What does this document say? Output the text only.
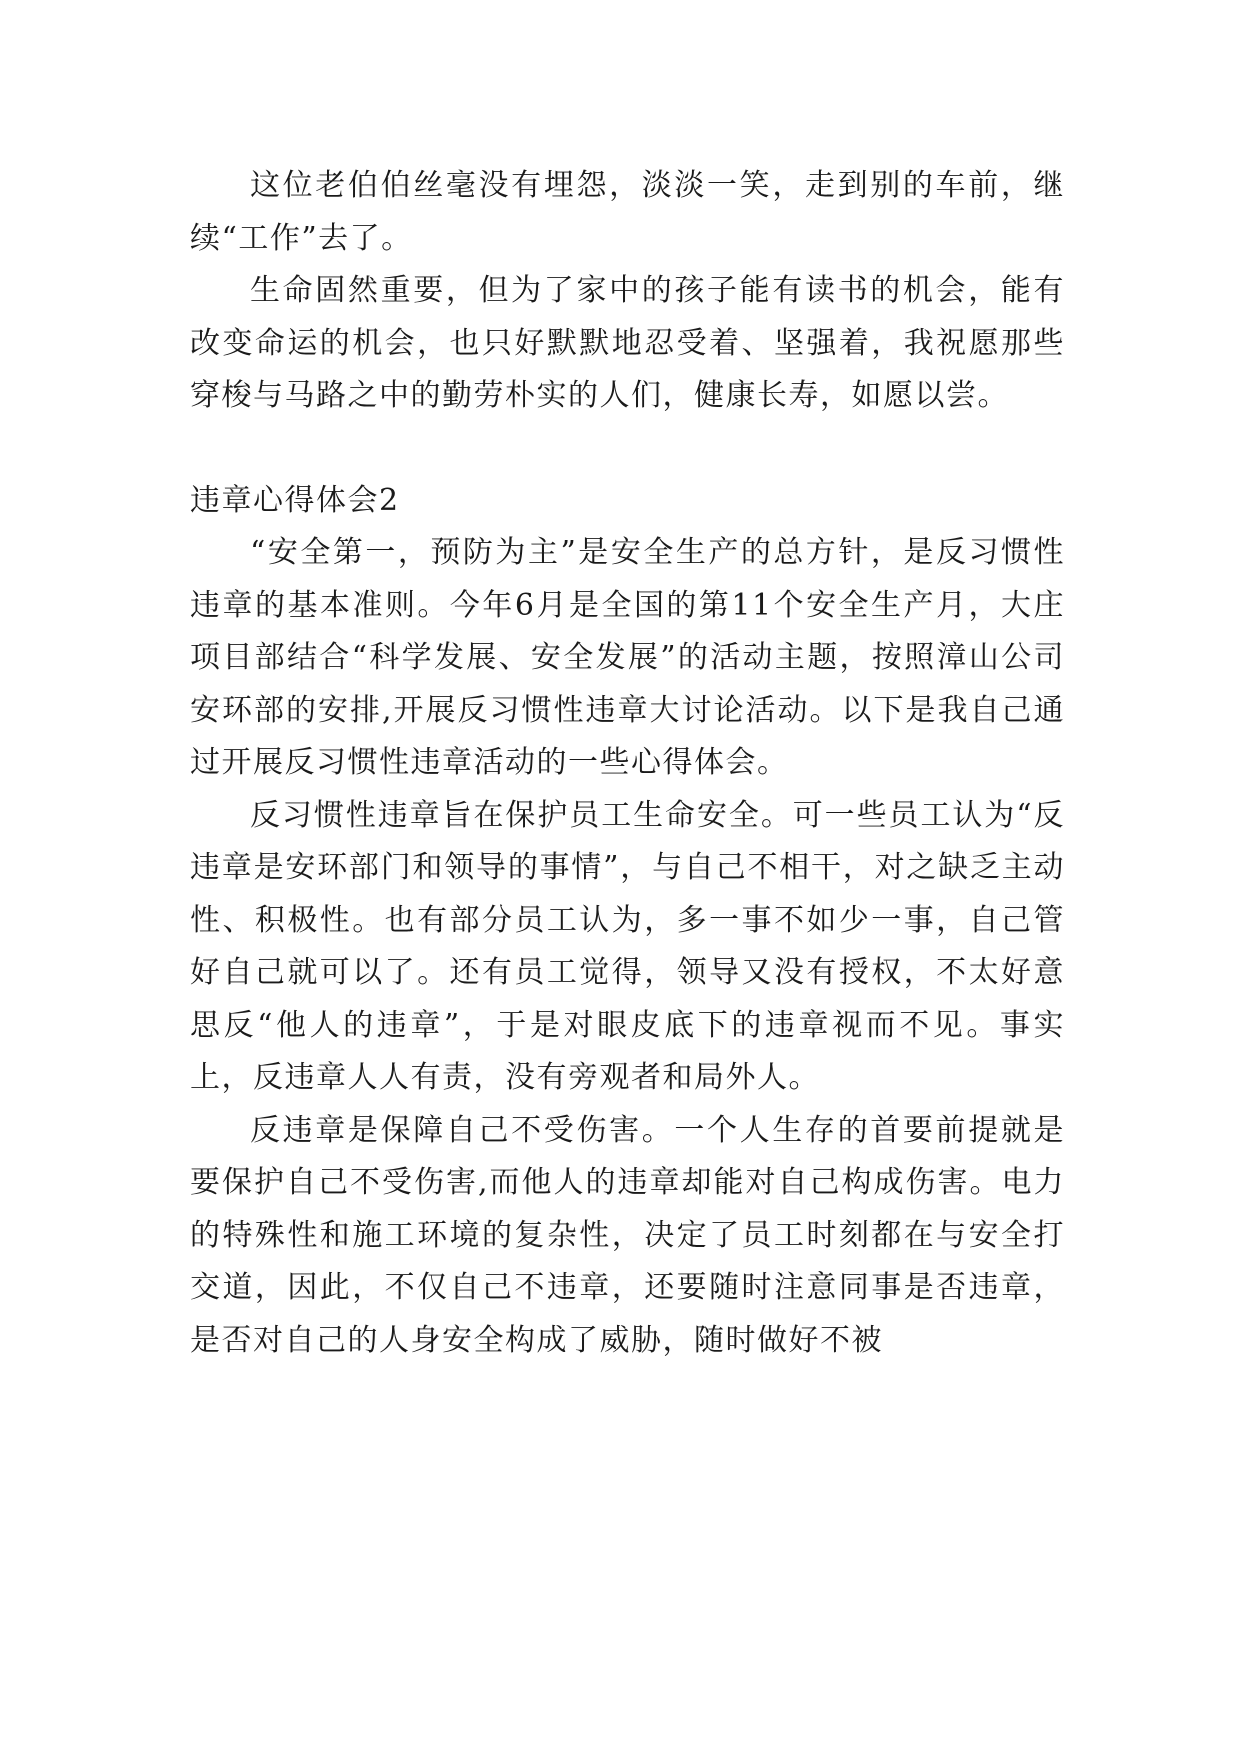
这位老伯伯丝毫没有埋怨，淡淡一笑，走到别的车前，继续“工作”去了。

生命固然重要，但为了家中的孩子能有读书的机会，能有改变命运的机会，也只好默默地忍受着、坚强着，我祝愿那些穿梭与马路之中的勤劳朴实的人们，健康长寿，如愿以尝。

违章心得体会2

“安全第一，预防为主”是安全生产的总方针，是反习惯性违章的基本准则。今年6月是全国的第11个安全生产月，大庄项目部结合“科学发展、安全发展”的活动主题，按照漳山公司安环部的安排,开展反习惯性违章大讨论活动。以下是我自己通过开展反习惯性违章活动的一些心得体会。

反习惯性违章旨在保护员工生命安全。可一些员工认为“反违章是安环部门和领导的事情”，与自己不相干，对之缺乏主动性、积极性。也有部分员工认为，多一事不如少一事，自己管好自己就可以了。还有员工觉得，领导又没有授权，不太好意思反“他人的违章”，于是对眼皮底下的违章视而不见。事实上，反违章人人有责，没有旁观者和局外人。

反违章是保障自己不受伤害。一个人生存的首要前提就是要保护自己不受伤害,而他人的违章却能对自己构成伤害。电力的特殊性和施工环境的复杂性，决定了员工时刻都在与安全打交道，因此，不仅自己不违章，还要随时注意同事是否违章，是否对自己的人身安全构成了威胁，随时做好不被
